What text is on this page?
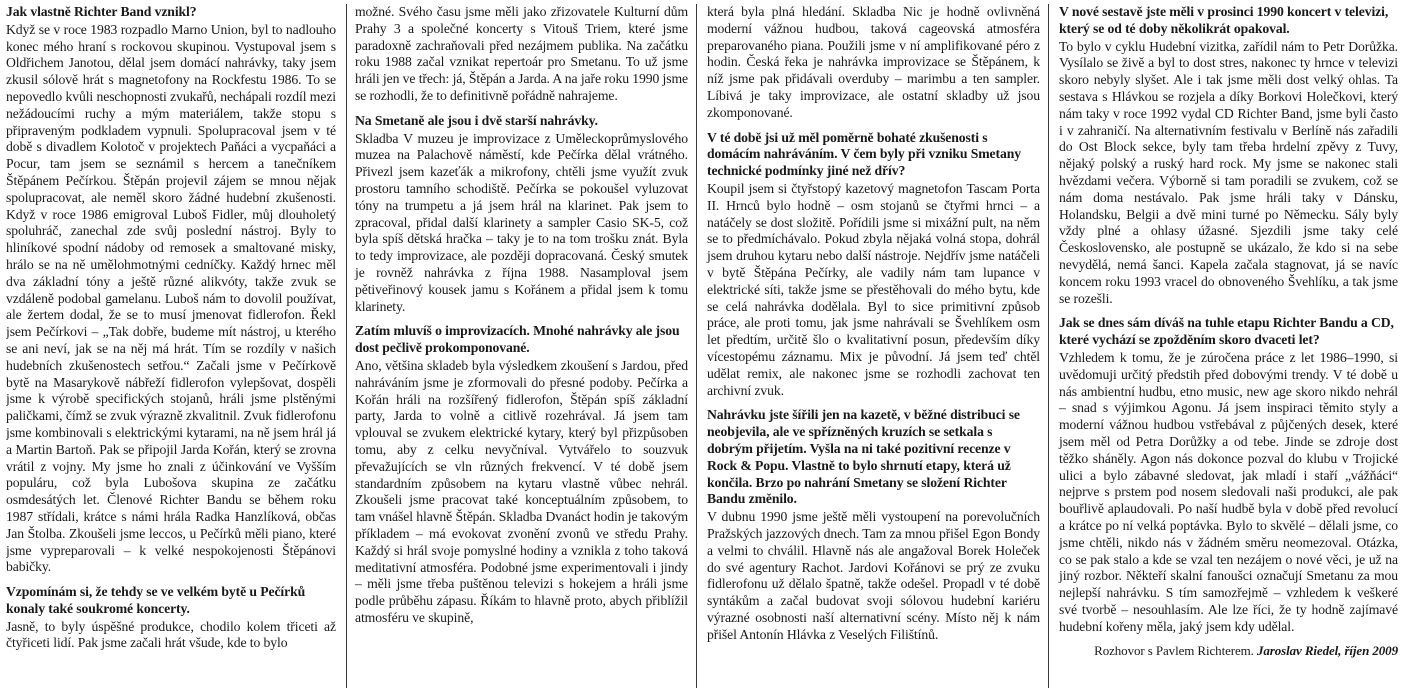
Jak vlastně Richter Band vznikl?

Když se v roce 1983 rozpadlo Marno Union, byl to nadlouho konec mého hraní s rockovou skupinou. Vystupoval jsem s Oldřichem Janotou, dělal jsem domácí nahrávky, taky jsem zkusil sólově hrát s magnetofony na Rockfestu 1986. To se nepovedlo kvůli neschopnosti zvukařů, nechápali rozdíl mezi nežádoucími ruchy a mým materiálem, takže stopu s připraveným podkladem vypnuli. Spolupracoval jsem v té době s divadlem Kolotoč v projektech Paňáci a vycpaňáci a Pocur, tam jsem se seznámil s hercem a tanečníkem Štěpánem Pečírkou. Štěpán projevil zájem se mnou nějak spolupracovat, ale neměl skoro žádné hudební zkušenosti. Když v roce 1986 emigroval Luboš Fidler, můj dlouholetý spoluhráč, zanechal zde svůj poslední nástroj. Byly to hliníkové spodní nádoby od remosek a smaltované misky, hrálo se na ně umělohmotnými cedníčky. Každý hrnec měl dva základní tóny a ještě různé alikvóty, takže zvuk se vzdáleně podobal gamelanu. Luboš nám to dovolil používat, ale žertem dodal, že se to musí jmenovat fidlerofon. Řekl jsem Pečírkovi – „Tak dobře, budeme mít nástroj, u kterého se ani neví, jak se na něj má hrát. Tím se rozdíly v našich hudebních zkušenostech setřou.“ Začali jsme v Pečírkově bytě na Masarykově nábřeží fidlerofon vylepšovat, dospěli jsme k výrobě specifických stojanů, hráli jsme plstěnými paličkami, čímž se zvuk výrazně zkvalitnil. Zvuk fidlerofonu jsme kombinovali s elektrickými kytarami, na ně jsem hrál já a Martin Bartoň. Pak se připojil Jarda Kořán, který se zrovna vrátil z vojny. My jsme ho znali z účinkování ve Vyšším populáru, což byla Lubošova skupina ze začátku osmdesátých let. Členové Richter Bandu se během roku 1987 střídali, krátce s námi hrála Radka Hanzlíková, občas Jan Štolba. Zkoušeli jsme leccos, u Pečírků měli piano, které jsme vypreparovali – k velké nespokojenosti Štěpánovi babičky.

Vzpomínám si, že tehdy se ve velkém bytě u Pečírků konaly také soukromé koncerty.

Jasně, to byly úspěšné produkce, chodilo kolem třiceti až čtyřiceti lidí. Pak jsme začali hrát všude, kde to bylo

možné. Svého času jsme měli jako zřizovatele Kulturní dům Prahy 3 a společné koncerty s Vitouš Triem, které jsme paradoxně zachraňovali před nezájmem publika. Na začátku roku 1988 začal vznikat repertoár pro Smetanu. To už jsme hráli jen ve třech: já, Štěpán a Jarda. A na jaře roku 1990 jsme se rozhodli, že to definitivně pořádně nahrajeme.

Na Smetaně ale jsou i dvě starší nahrávky.

Skladba V muzeu je improvizace z Uměleckoprůmyslového muzea na Palachově náměstí, kde Pečírka dělal vrátného. Přivezl jsem kazeťák a mikrofony, chtěli jsme využít zvuk prostoru tamního schodiště. Pečírka se pokoušel vyluzovat tóny na trumpetu a já jsem hrál na klarinet. Pak jsem to zpracoval, přidal další klarinety a sampler Casio SK-5, což byla spíš dětská hračka – taky je to na tom trošku znát. Byla to tedy improvizace, ale později dopracovaná. Český smutek je rovněž nahrávka z října 1988. Nasamploval jsem pětiveřinový kousek jamu s Kořánem a přidal jsem k tomu klarinety.

Zatím mluvíš o improvizacích. Mnohé nahrávky ale jsou dost pečlivě prokomponované.

Ano, většina skladeb byla výsledkem zkoušení s Jardou, před nahráváním jsme je zformovali do přesné podoby. Pečírka a Kořán hráli na rozšířený fidlerofon, Štěpán spíš základní party, Jarda to volně a citlivě rozehrával. Já jsem tam vplouval se zvukem elektrické kytary, který byl přizpůsoben tomu, aby z celku nevyčníval. Vytvářelo to souzvuk převažujících se vln různých frekvencí. V té době jsem standardním způsobem na kytaru vlastně vůbec nehrál. Zkoušeli jsme pracovat také konceptuálním způsobem, to tam vnášel hlavně Štěpán. Skladba Dvanáct hodin je takovým příkladem – má evokovat zvonění zvonů ve středu Prahy. Každý si hrál svoje pomyslné hodiny a vznikla z toho taková meditativní atmosféra. Podobné jsme experimentovali i jindy – měli jsme třeba puštěnou televizi s hokejem a hráli jsme podle průběhu zápasu. Říkám to hlavně proto, abych přiblížil atmosféru ve skupině,

která byla plná hledání. Skladba Nic je hodně ovlivněná moderní vážnou hudbou, taková cageovská atmosféra preparovaného piana. Použili jsme v ní amplifikované péro z hodin. Česká řeka je nahrávka improvizace se Štěpánem, k níž jsme pak přidávali overduby – marimbu a ten sampler. Líbivá je taky improvizace, ale ostatní skladby už jsou zkomponované.

V té době jsi už měl poměrně bohaté zkušenosti s domácím nahráváním. V čem byly při vzniku Smetany technické podmínky jiné než dřív?

Koupil jsem si čtyřstopý kazetový magnetofon Tascam Porta II. Hrnců bylo hodně – osm stojanů se čtyřmi hrnci – a natáčely se dost složitě. Pořídili jsme si mixážní pult, na něm se to předmíchávalo. Pokud zbyla nějaká volná stopa, dohrál jsem druhou kytaru nebo další nástroje. Nejdřív jsme natáčeli v bytě Štěpána Pečírky, ale vadily nám tam lupance v elektrické síti, takže jsme se přestěhovali do mého bytu, kde se celá nahrávka dodělala. Byl to sice primitivní způsob práce, ale proti tomu, jak jsme nahrávali se Švehlíkem osm let předtím, určitě šlo o kvalitativní posun, především díky vícestopému záznamu. Mix je původní. Já jsem teď chtěl udělat remix, ale nakonec jsme se rozhodli zachovat ten archivní zvuk.

Nahrávku jste šířili jen na kazetě, v běžné distribuci se neobjevila, ale ve spřízněných kruzích se setkala s dobrým přijetím. Vyšla na ni také pozitivní recenze v Rock & Popu. Vlastně to bylo shrnutí etapy, která už končila. Brzo po nahrání Smetany se složení Richter Bandu změnilo.

V dubnu 1990 jsme ještě měli vystoupení na porevolučních Pražských jazzových dnech. Tam za mnou přišel Egon Bondy a velmi to chválil. Hlavně nás ale angažoval Borek Holeček do své agentury Rachot. Jardovi Kořánovi se prý ze zvuku fidlerofonu už dělalo špatně, takže odešel. Propadl v té době syntákům a začal budovat svoji sólovou hudební kariéru výrazné osobnosti naší alternativní scény. Místo něj k nám přišel Antonín Hlávka z Veselých Filištínů.

V nové sestavě jste měli v prosinci 1990 koncert v televizi, který se od té doby několikrát opakoval.

To bylo v cyklu Hudební vizitka, zařídil nám to Petr Dorůžka. Vysílalo se živě a byl to dost stres, nakonec ty hrnce v televizi skoro nebyly slyšet. Ale i tak jsme měli dost velký ohlas. Ta sestava s Hlávkou se rozjela a díky Borkovi Holečkovi, který nám taky v roce 1992 vydal CD Richter Band, jsme byli často i v zahraničí. Na alternativním festivalu v Berlíně nás zařadili do Ost Block sekce, byly tam třeba hrdelní zpěvy z Tuvy, nějaký polský a ruský hard rock. My jsme se nakonec stali hvězdami večera. Výborně si tam poradili se zvukem, což se nám doma nestávalo. Pak jsme hráli taky v Dánsku, Holandsku, Belgii a dvě mini turné po Německu. Sály byly vždy plné a ohlasy úžasné. Sjezdili jsme taky celé Československo, ale postupně se ukázalo, že kdo si na sebe nevydělá, nemá šanci. Kapela začala stagnovat, já se navíc koncem roku 1993 vracel do obnoveného Švehlíku, a tak jsme se rozešli.

Jak se dnes sám díváš na tuhle etapu Richter Bandu a CD, které vychází se zpožděním skoro dvaceti let?

Vzhledem k tomu, že je zúročena práce z let 1986–1990, si uvědomuji určitý předstih před dobovými trendy. V té době u nás ambientní hudbu, etno music, new age skoro nikdo nehrál – snad s výjimkou Agonu. Já jsem inspiraci těmito styly a moderní vážnou hudbou vstřebával z půjčených desek, které jsem měl od Petra Dorůžky a od tebe. Jinde se zdroje dost těžko sháněly. Agon nás dokonce pozval do klubu v Trojické ulici a bylo zábavné sledovat, jak mladí i staří „vážňáci“ nejprve s prstem pod nosem sledovali naši produkci, ale pak bouřlivě aplaudovali. Po naší hudbě byla v době před revolucí a krátce po ní velká poptávka. Bylo to skvělé – dělali jsme, co jsme chtěli, nikdo nás v žádném směru neomezoval. Otázka, co se pak stalo a kde se vzal ten nezájem o nové věci, je už na jiný rozbor. Někteří skalní fanoušci označují Smetanu za mou nejlepší nahrávku. S tím samozřejmě – vzhledem k veškeré své tvorbě – nesouhlasím. Ale lze říci, že ty hodně zajímavé hudební kořeny měla, jaký jsem kdy udělal.

Rozhovor s Pavlem Richterem. Jaroslav Riedel, říjen 2009
